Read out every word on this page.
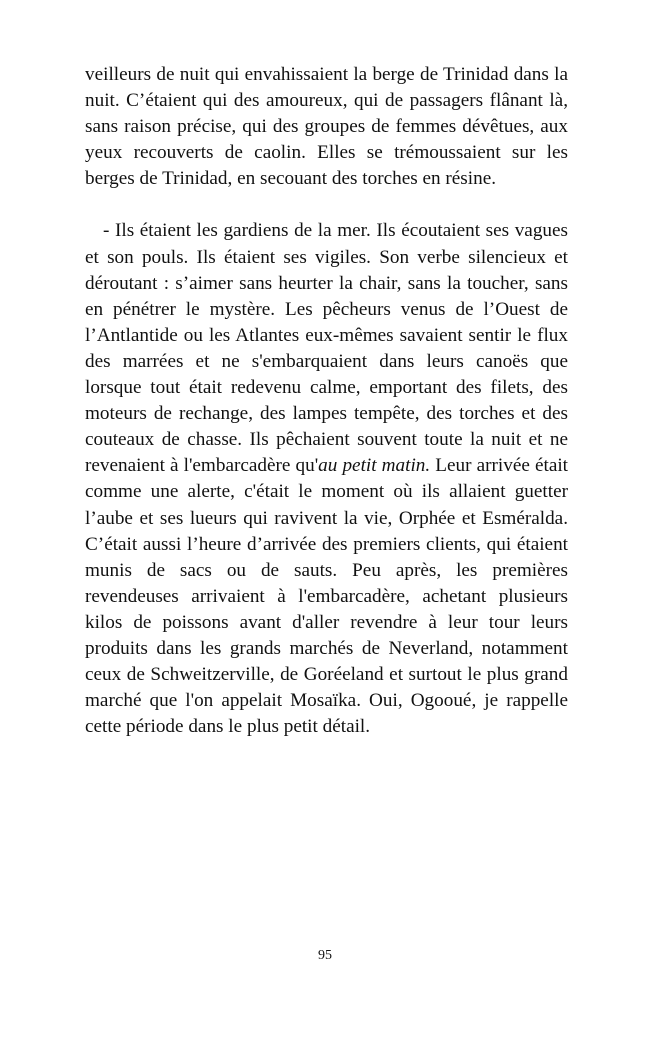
veilleurs de nuit qui envahissaient la berge de Trinidad dans la nuit. C’étaient qui des amoureux, qui de passagers flânant là, sans raison précise, qui des groupes de femmes dévêtues, aux yeux recouverts de caolin. Elles se trémoussaient sur les berges de Trinidad, en secouant des torches en résine.

- Ils étaient les gardiens de la mer. Ils écoutaient ses vagues et son pouls. Ils étaient ses vigiles. Son verbe silencieux et déroutant : s’aimer sans heurter la chair, sans la toucher, sans en pénétrer le mystère. Les pêcheurs venus de l’Ouest de l’Antlantide ou les Atlantes eux-mêmes savaient sentir le flux des marrées et ne s'embarquaient dans leurs canoës que lorsque tout était redevenu calme, emportant des filets, des moteurs de rechange, des lampes tempête, des torches et des couteaux de chasse. Ils pêchaient souvent toute la nuit et ne revenaient à l'embarcadère qu'au petit matin. Leur arrivée était comme une alerte, c'était le moment où ils allaient guetter l’aube et ses lueurs qui ravivent la vie, Orphée et Esméralda. C’était aussi l’heure d’arrivée des premiers clients, qui étaient munis de sacs ou de sauts. Peu après, les premières revendeuses arrivaient à l'embarcadère, achetant plusieurs kilos de poissons avant d'aller revendre à leur tour leurs produits dans les grands marchés de Neverland, notamment ceux de Schweitzerville, de Goréeland et surtout le plus grand marché que l'on appelait Mosaïka. Oui, Ogooué, je rappelle cette période dans le plus petit détail.

95
